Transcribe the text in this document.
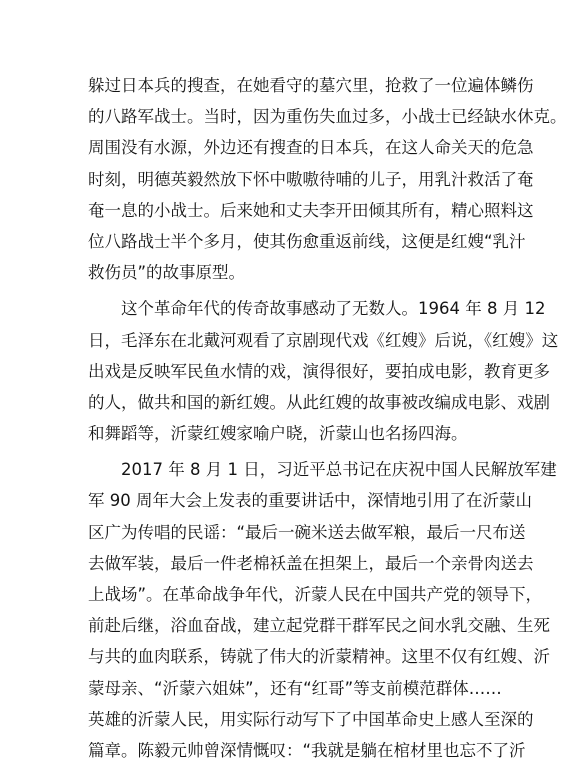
躲过日本兵的搜查，在她看守的墓穴里，抢救了一位遍体鳞伤
的八路军战士。当时，因为重伤失血过多，小战士已经缺水休克。
周围没有水源，外边还有搜查的日本兵，在这人命关天的危急
时刻，明德英毅然放下怀中嗷嗷待哺的儿子，用乳汁救活了奄
奄一息的小战士。后来她和丈夫李开田倾其所有，精心照料这
位八路战士半个多月，使其伤愈重返前线，这便是红嫂“乳汁
救伤员”的故事原型。
这个革命年代的传奇故事感动了无数人。1964 年 8 月 12
日，毛泽东在北戴河观看了京剧现代戏《红嫂》后说，《红嫂》这
出戏是反映军民鱼水情的戏，演得很好，要拍成电影，教育更多
的人，做共和国的新红嫂。从此红嫂的故事被改编成电影、戏剧
和舞蹈等，沂蒙红嫂家喻户晓，沂蒙山也名扬四海。
2017 年 8 月 1 日，习近平总书记在庆祝中国人民解放军建
军 90 周年大会上发表的重要讲话中，深情地引用了在沂蒙山
区广为传唱的民谣：“最后一碗米送去做军粮，最后一尺布送
去做军装，最后一件老棉袄盖在担架上，最后一个亲骨肉送去
上战场”。在革命战争年代，沂蒙人民在中国共产党的领导下，
前赴后继，浴血奋战，建立起党群干群军民之间水乳交融、生死
与共的血肉联系，铸就了伟大的沂蒙精神。这里不仅有红嫂、沂
蒙母亲、“沂蒙六姐妹”，还有“红哥”等支前模范群体……
英雄的沂蒙人民，用实际行动写下了中国革命史上感人至深的
篇章。陈毅元帅曾深情慨叹：“我就是躺在棺材里也忘不了沂
